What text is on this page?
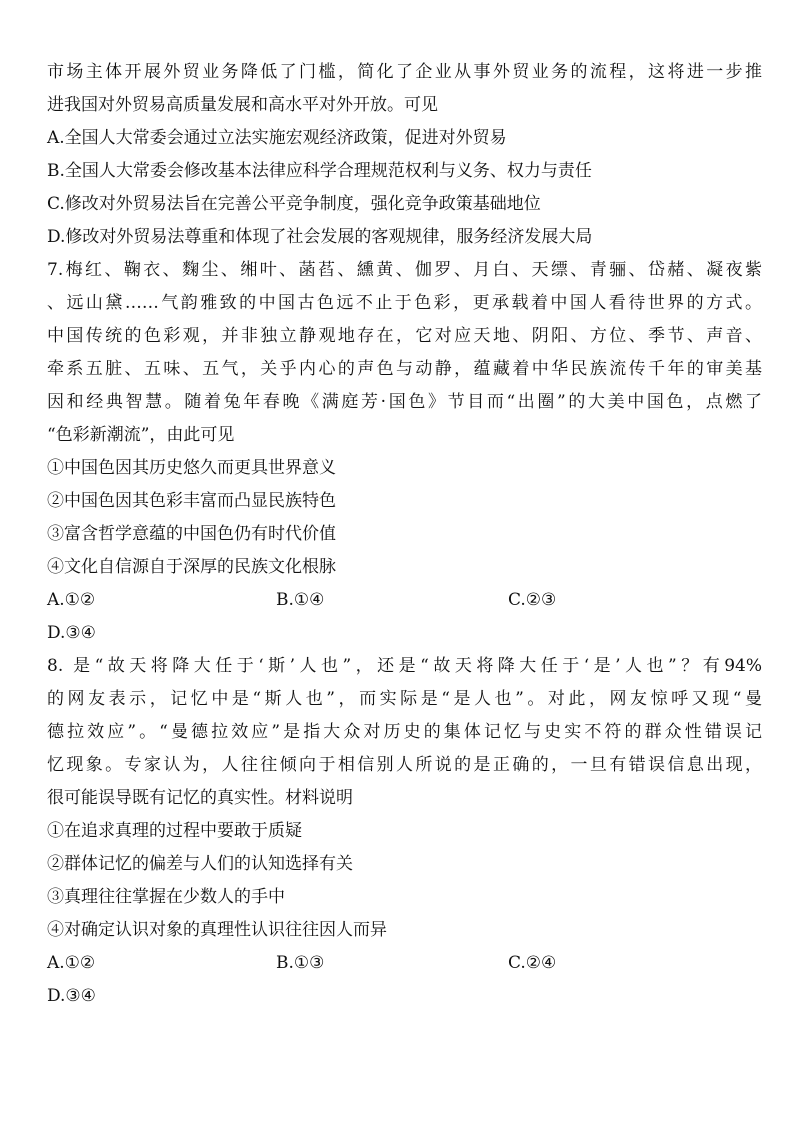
市场主体开展外贸业务降低了门槛，简化了企业从事外贸业务的流程，这将进一步推
进我国对外贸易高质量发展和高水平对外开放。可见
A.全国人大常委会通过立法实施宏观经济政策，促进对外贸易
B.全国人大常委会修改基本法律应科学合理规范权利与义务、权力与责任
C.修改对外贸易法旨在完善公平竞争制度，强化竞争政策基础地位
D.修改对外贸易法尊重和体现了社会发展的客观规律，服务经济发展大局
7.梅红、鞠衣、麴尘、缃叶、菡萏、纁黄、伽罗、月白、天缥、青骊、岱赭、凝夜紫
、远山黛……气韵雅致的中国古色远不止于色彩，更承载着中国人看待世界的方式。
中国传统的色彩观，并非独立静观地存在，它对应天地、阴阳、方位、季节、声音、
牵系五脏、五味、五气，关乎内心的声色与动静，蕴藏着中华民族流传千年的审美基
因和经典智慧。随着兔年春晚《满庭芳·国色》节目而“出圈”的大美中国色，点燃了
“色彩新潮流”，由此可见
①中国色因其历史悠久而更具世界意义
②中国色因其色彩丰富而凸显民族特色
③富含哲学意蕴的中国色仍有时代价值
④文化自信源自于深厚的民族文化根脉
A.①②	B.①④	C.②③
D.③④
8. 是“故天将降大任于‘斯’人也”，还是“故天将降大任于‘是’人也”？有94%
的网友表示，记忆中是“斯人也”，而实际是“是人也”。对此，网友惊呼又现“曼
德拉效应”。“曼德拉效应”是指大众对历史的集体记忆与史实不符的群众性错误记
忆现象。专家认为，人往往倾向于相信别人所说的是正确的，一旦有错误信息出现，
很可能误导既有记忆的真实性。材料说明
①在追求真理的过程中要敢于质疑
②群体记忆的偏差与人们的认知选择有关
③真理往往掌握在少数人的手中
④对确定认识对象的真理性认识往往因人而异
A.①②	B.①③	C.②④
D.③④
